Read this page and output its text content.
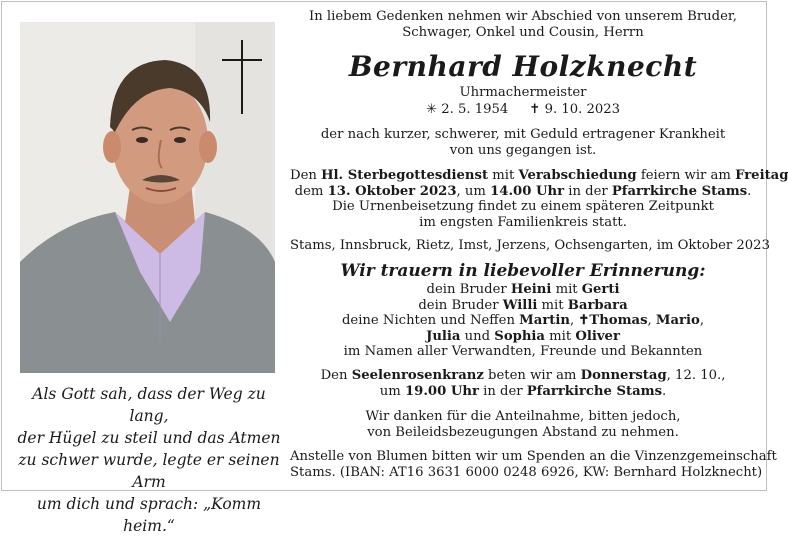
Als Gott sah, dass der Weg zu lang,
der Hügel zu steil und das Atmen
zu schwer wurde, legte er seinen Arm
um dich und sprach: „Komm heim.“
In liebem Gedenken nehmen wir Abschied von unserem Bruder,
Schwager, Onkel und Cousin, Herrn
Bernhard Holzknecht
Uhrmachermeister
✳ 2. 5. 1954 ✝ 9. 10. 2023
der nach kurzer, schwerer, mit Geduld ertragener Krankheit
von uns gegangen ist.
Den Hl. Sterbegottesdienst mit Verabschiedung feiern wir am Freitag
dem 13. Oktober 2023, um 14.00 Uhr in der Pfarrkirche Stams.
Die Urnenbeisetzung findet zu einem späteren Zeitpunkt
im engsten Familienkreis statt.
Stams, Innsbruck, Rietz, Imst, Jerzens, Ochsengarten, im Oktober 2023
Wir trauern in liebevoller Erinnerung:
dein Bruder Heini mit Gerti
dein Bruder Willi mit Barbara
deine Nichten und Neffen Martin, ✝Thomas, Mario,
Julia und Sophia mit Oliver
im Namen aller Verwandten, Freunde und Bekannten
Den Seelenrosenkranz beten wir am Donnerstag, 12. 10.,
um 19.00 Uhr in der Pfarrkirche Stams.
Wir danken für die Anteilnahme, bitten jedoch,
von Beileidsbezeugungen Abstand zu nehmen.
Anstelle von Blumen bitten wir um Spenden an die Vinzenzgemeinschaft
Stams. (IBAN: AT16 3631 6000 0248 6926, KW: Bernhard Holzknecht)
